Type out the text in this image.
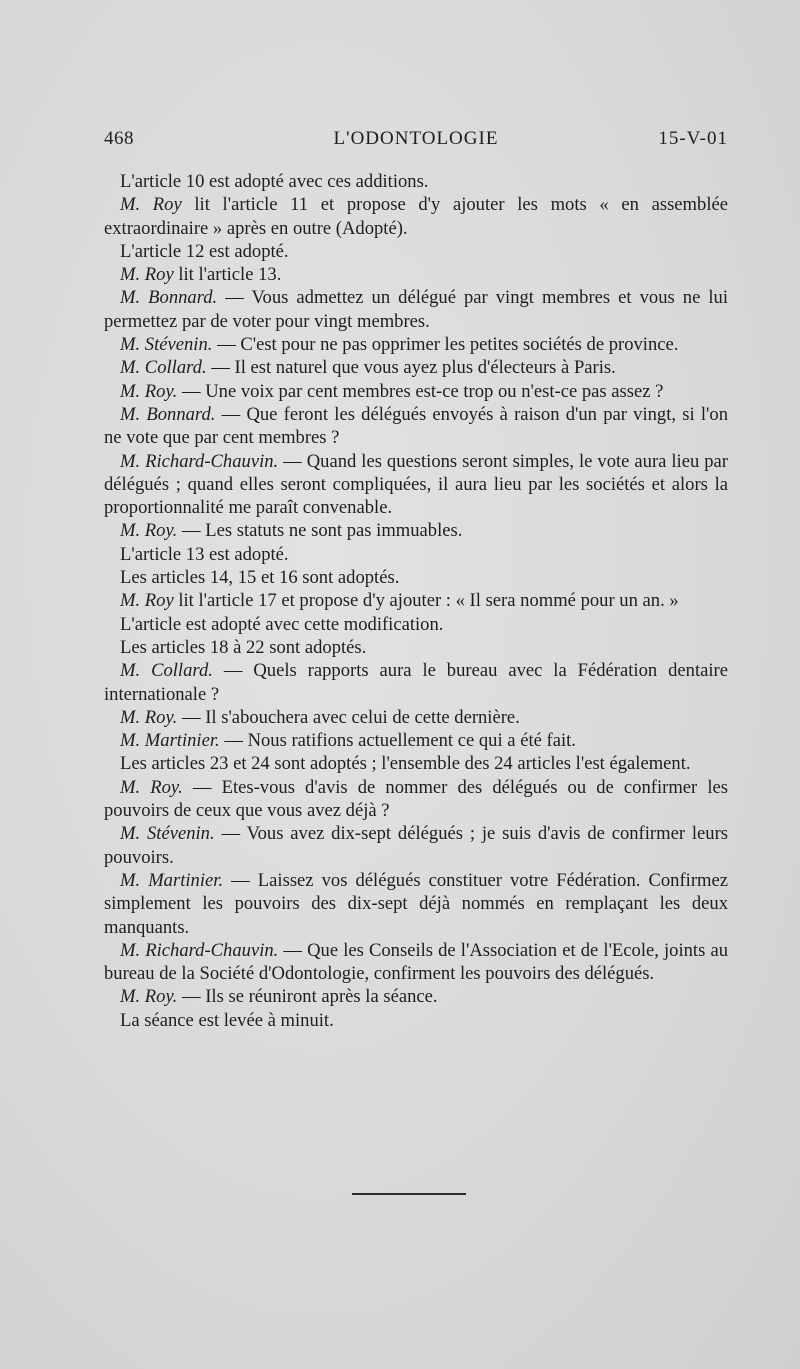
468	L'ODONTOLOGIE	15-V-01

L'article 10 est adopté avec ces additions.

M. Roy lit l'article 11 et propose d'y ajouter les mots « en assemblée extraordinaire » après en outre (Adopté).

L'article 12 est adopté.

M. Roy lit l'article 13.

M. Bonnard. — Vous admettez un délégué par vingt membres et vous ne lui permettez par de voter pour vingt membres.

M. Stévenin. — C'est pour ne pas opprimer les petites sociétés de province.

M. Collard. — Il est naturel que vous ayez plus d'électeurs à Paris.

M. Roy. — Une voix par cent membres est-ce trop ou n'est-ce pas assez ?

M. Bonnard. — Que feront les délégués envoyés à raison d'un par vingt, si l'on ne vote que par cent membres ?

M. Richard-Chauvin. — Quand les questions seront simples, le vote aura lieu par délégués ; quand elles seront compliquées, il aura lieu par les sociétés et alors la proportionnalité me paraît convenable.

M. Roy. — Les statuts ne sont pas immuables.

L'article 13 est adopté.

Les articles 14, 15 et 16 sont adoptés.

M. Roy lit l'article 17 et propose d'y ajouter : « Il sera nommé pour un an. »

L'article est adopté avec cette modification.

Les articles 18 à 22 sont adoptés.

M. Collard. — Quels rapports aura le bureau avec la Fédération dentaire internationale ?

M. Roy. — Il s'abouchera avec celui de cette dernière.

M. Martinier. — Nous ratifions actuellement ce qui a été fait.

Les articles 23 et 24 sont adoptés ; l'ensemble des 24 articles l'est également.

M. Roy. — Etes-vous d'avis de nommer des délégués ou de confirmer les pouvoirs de ceux que vous avez déjà ?

M. Stévenin. — Vous avez dix-sept délégués ; je suis d'avis de confirmer leurs pouvoirs.

M. Martinier. — Laissez vos délégués constituer votre Fédération. Confirmez simplement les pouvoirs des dix-sept déjà nommés en remplaçant les deux manquants.

M. Richard-Chauvin. — Que les Conseils de l'Association et de l'Ecole, joints au bureau de la Société d'Odontologie, confirment les pouvoirs des délégués.

M. Roy. — Ils se réuniront après la séance.

La séance est levée à minuit.
